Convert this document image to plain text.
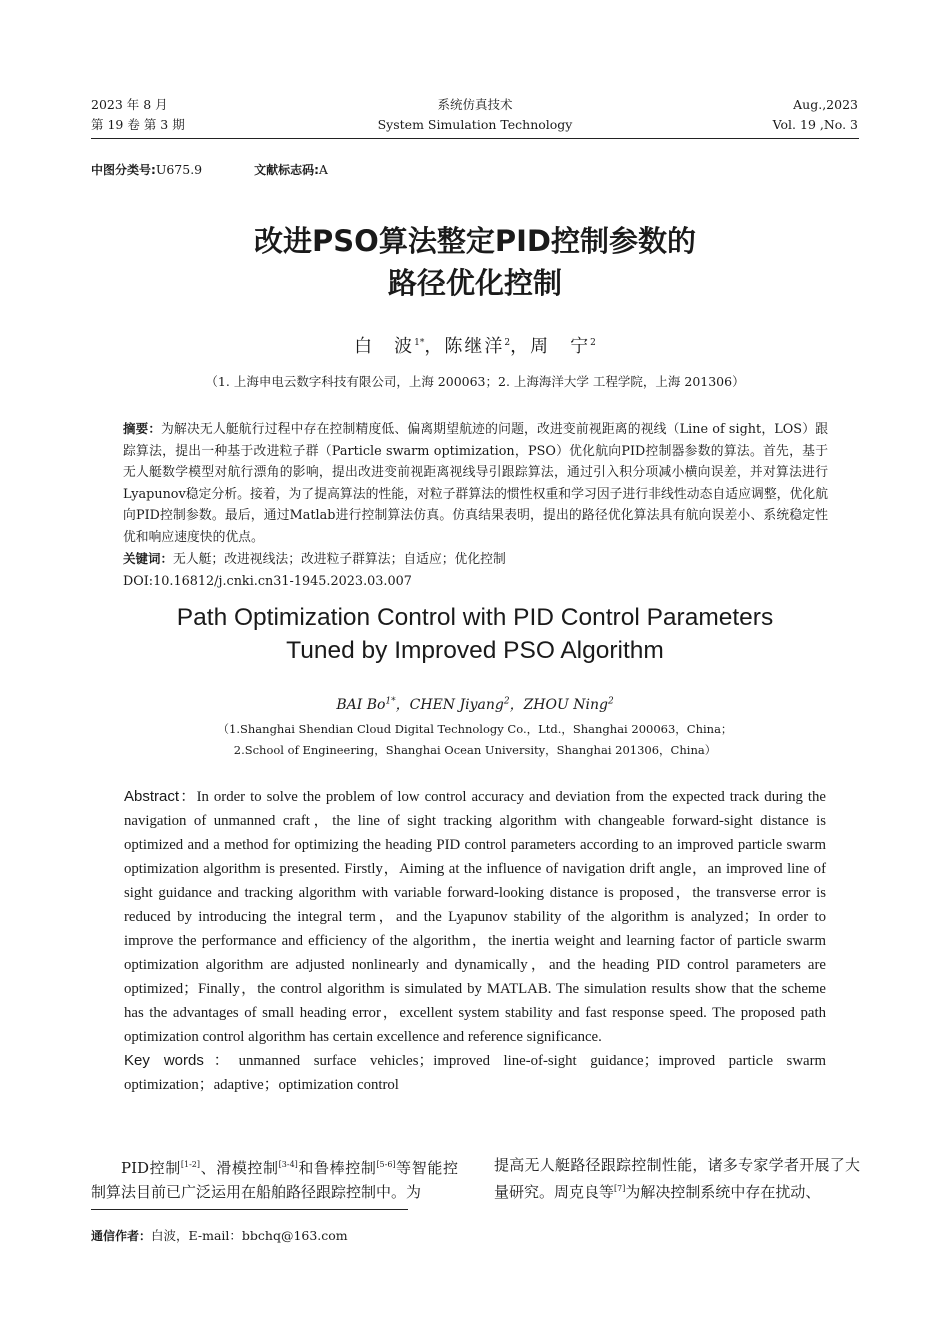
2023 年 8 月
第 19 卷 第 3 期
系统仿真技术
System Simulation Technology
Aug.,2023
Vol. 19 ,No. 3
中图分类号:U675.9	文献标志码:A
改进PSO算法整定PID控制参数的
路径优化控制
白　波$^{1*}$，陈继洋$^2$，周　宁$^2$
（1. 上海申电云数字科技有限公司，上海 200063；2. 上海海洋大学 工程学院，上海 201306）

摘要：为解决无人艇航行过程中存在控制精度低、偏离期望航迹的问题，改进变前视距离的视线（Line of sight，LOS）跟踪算法，提出一种基于改进粒子群（Particle swarm optimization，PSO）优化航向PID控制器参数的算法。首先，基于无人艇数学模型对航行漂角的影响，提出改进变前视距离视线导引跟踪算法，通过引入积分项减小横向误差，并对算法进行Lyapunov稳定分析。接着，为了提高算法的性能，对粒子群算法的惯性权重和学习因子进行非线性动态自适应调整，优化航向PID控制参数。最后，通过Matlab进行控制算法仿真。仿真结果表明，提出的路径优化算法具有航向误差小、系统稳定性优和响应速度快的优点。

关键词：无人艇；改进视线法；改进粒子群算法；自适应；优化控制

DOI:10.16812/j.cnki.cn31-1945.2023.03.007

Path Optimization Control with PID Control Parameters
Tuned by Improved PSO Algorithm
BAI $Bo^{1*}$，CHEN Jiyang$^2$，ZHOU Ning$^2$
（1.Shanghai Shendian Cloud Digital Technology Co.，Ltd.，Shanghai 200063，China；
2.School of Engineering，Shanghai Ocean University，Shanghai 201306，China）

Abstract：In order to solve the problem of low control accuracy and deviation from the expected track during the navigation of unmanned craft，the line of sight tracking algorithm with changeable forward-sight distance is optimized and a method for optimizing the heading PID control parameters according to an improved particle swarm optimization algorithm is presented. Firstly，Aiming at the influence of navigation drift angle，an improved line of sight guidance and tracking algorithm with variable forward-looking distance is proposed，the transverse error is reduced by introducing the integral term，and the Lyapunov stability of the algorithm is analyzed；In order to improve the performance and efficiency of the algorithm，the inertia weight and learning factor of particle swarm optimization algorithm are adjusted nonlinearly and dynamically，and the heading PID control parameters are optimized；Finally，the control algorithm is simulated by MATLAB. The simulation results show that the scheme has the advantages of small heading error，excellent system stability and fast response speed. The proposed path optimization control algorithm has certain excellence and reference significance.

Key words：unmanned surface vehicles；improved line-of-sight guidance；improved particle swarm optimization；adaptive；optimization control

PID控制[1-2]、滑模控制[3-4]和鲁棒控制[5-6]等智能控制算法目前已广泛运用在船舶路径跟踪控制中。为

提高无人艇路径跟踪控制性能，诸多专家学者开展了大量研究。周克良等[7]为解决控制系统中存在扰动、

通信作者：白波，E-mail：bbchq@163.com
